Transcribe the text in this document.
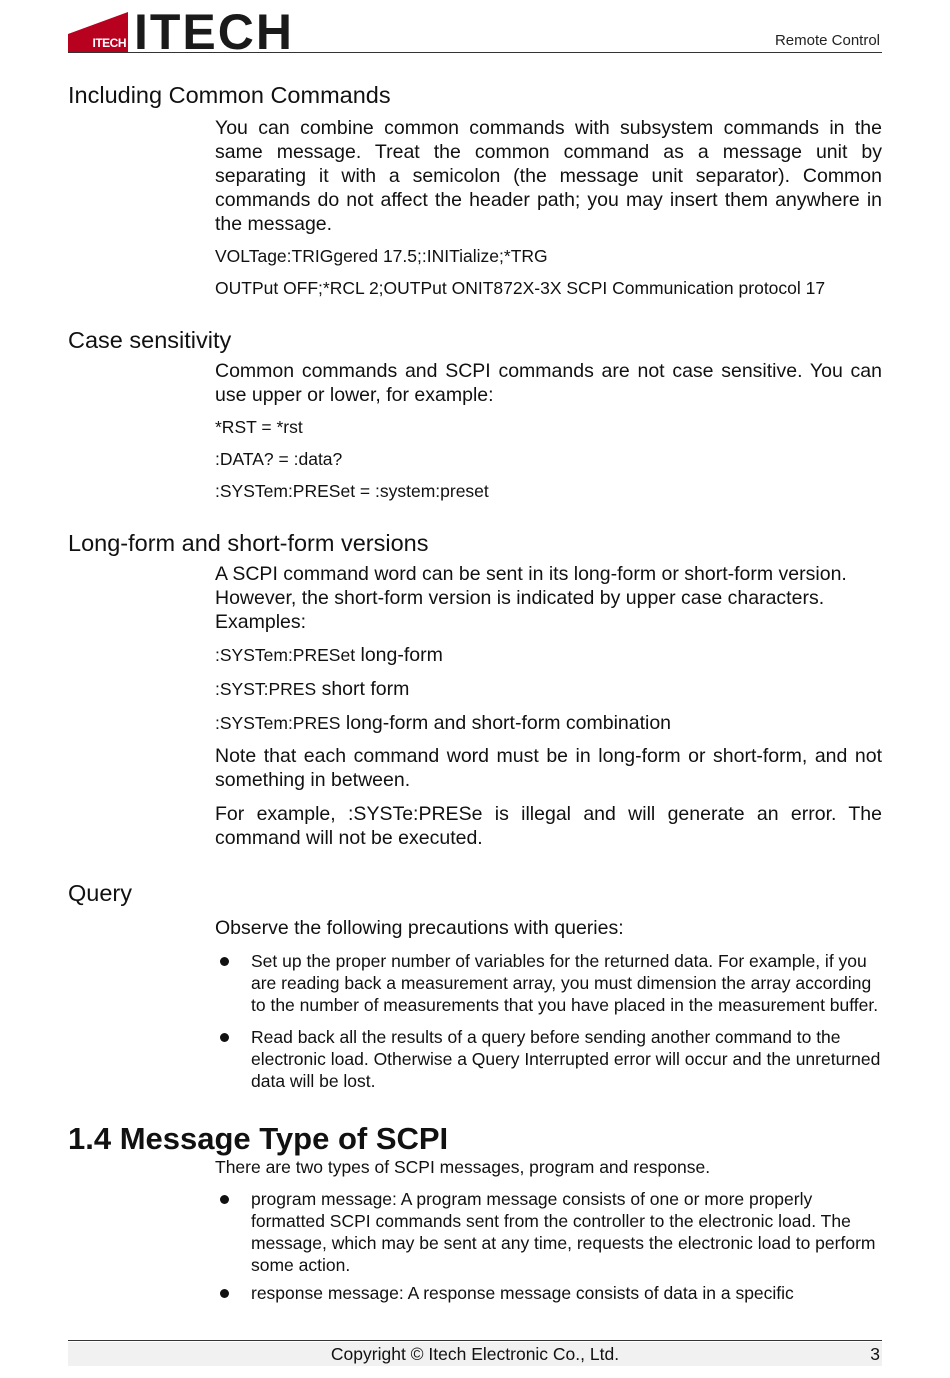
ITECH ITECH	Remote Control
Including Common Commands

You can combine common commands with subsystem commands in the same message. Treat the common command as a message unit by separating it with a semicolon (the message unit separator). Common commands do not affect the header path; you may insert them anywhere in the message.

VOLTage:TRIGgered 17.5;:INITialize;*TRG

OUTPut OFF;*RCL 2;OUTPut ONIT872X-3X SCPI Communication protocol 17

Case sensitivity

Common commands and SCPI commands are not case sensitive. You can use upper or lower, for example:

*RST = *rst

:DATA? = :data?

:SYSTem:PRESet = :system:preset

Long-form and short-form versions

A SCPI command word can be sent in its long-form or short-form version. However, the short-form version is indicated by upper case characters. Examples:

:SYSTem:PRESet long-form

:SYST:PRES short form

:SYSTem:PRES long-form and short-form combination

Note that each command word must be in long-form or short-form, and not something in between.

For example, :SYSTe:PRESe is illegal and will generate an error. The command will not be executed.

Query

Observe the following precautions with queries:

Set up the proper number of variables for the returned data. For example, if you are reading back a measurement array, you must dimension the array according to the number of measurements that you have placed in the measurement buffer.
Read back all the results of a query before sending another command to the electronic load. Otherwise a Query Interrupted error will occur and the unreturned data will be lost.
1.4 Message Type of SCPI

There are two types of SCPI messages, program and response.

program message: A program message consists of one or more properly formatted SCPI commands sent from the controller to the electronic load. The message, which may be sent at any time, requests the electronic load to perform some action.
response message: A response message consists of data in a specific
Copyright © Itech Electronic Co., Ltd.	3
